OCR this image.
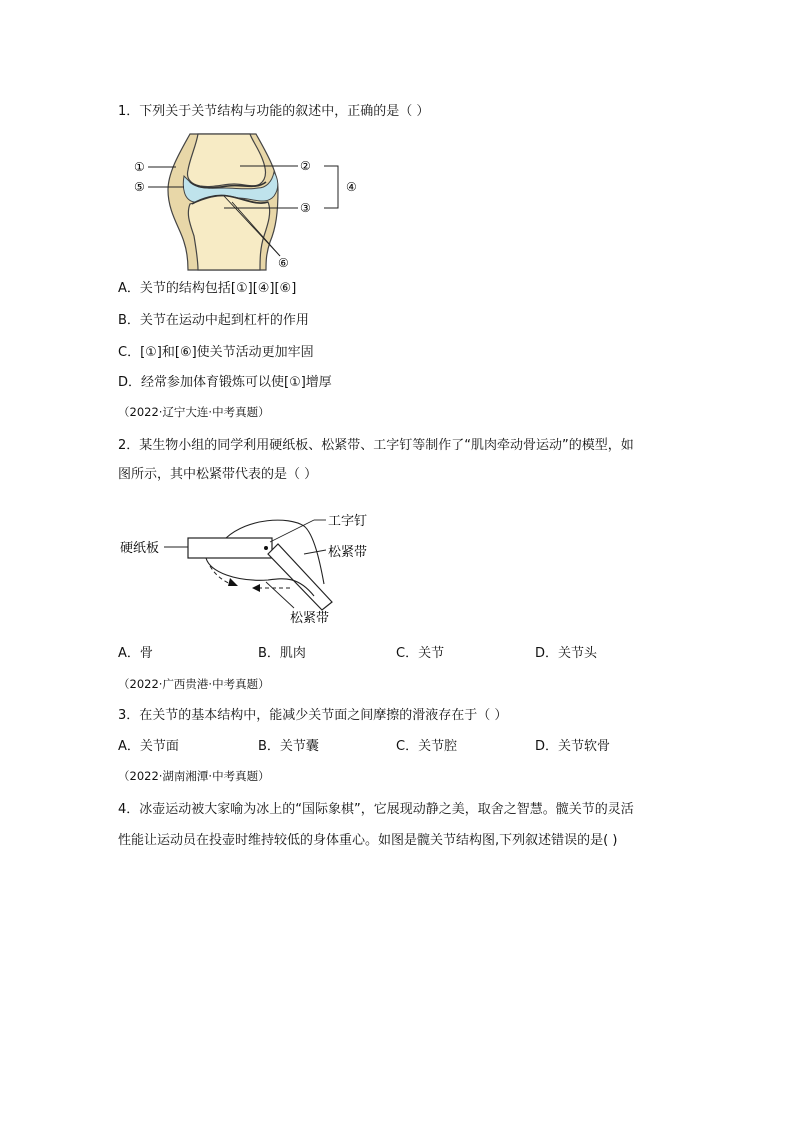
1．下列关于关节结构与功能的叙述中，正确的是（ ）
①
⑤
②
③
④
⑥
A．关节的结构包括[①][④][⑥]
B．关节在运动中起到杠杆的作用
C．[①]和[⑥]使关节活动更加牢固
D．经常参加体育锻炼可以使[①]增厚
（2022·辽宁大连·中考真题）
2．某生物小组的同学利用硬纸板、松紧带、工字钉等制作了“肌肉牵动骨运动”的模型，如
图所示，其中松紧带代表的是（ ）
硬纸板
工字钉
松紧带
松紧带
A．骨	B．肌肉	C．关节	D．关节头
（2022·广西贵港·中考真题）
3．在关节的基本结构中，能减少关节面之间摩擦的滑液存在于（ ）
A．关节面	B．关节囊	C．关节腔	D．关节软骨
（2022·湖南湘潭·中考真题）
4．冰壶运动被大家喻为冰上的“国际象棋”，它展现动静之美，取舍之智慧。髋关节的灵活
性能让运动员在投壶时维持较低的身体重心。如图是髋关节结构图,下列叙述错误的是( )
